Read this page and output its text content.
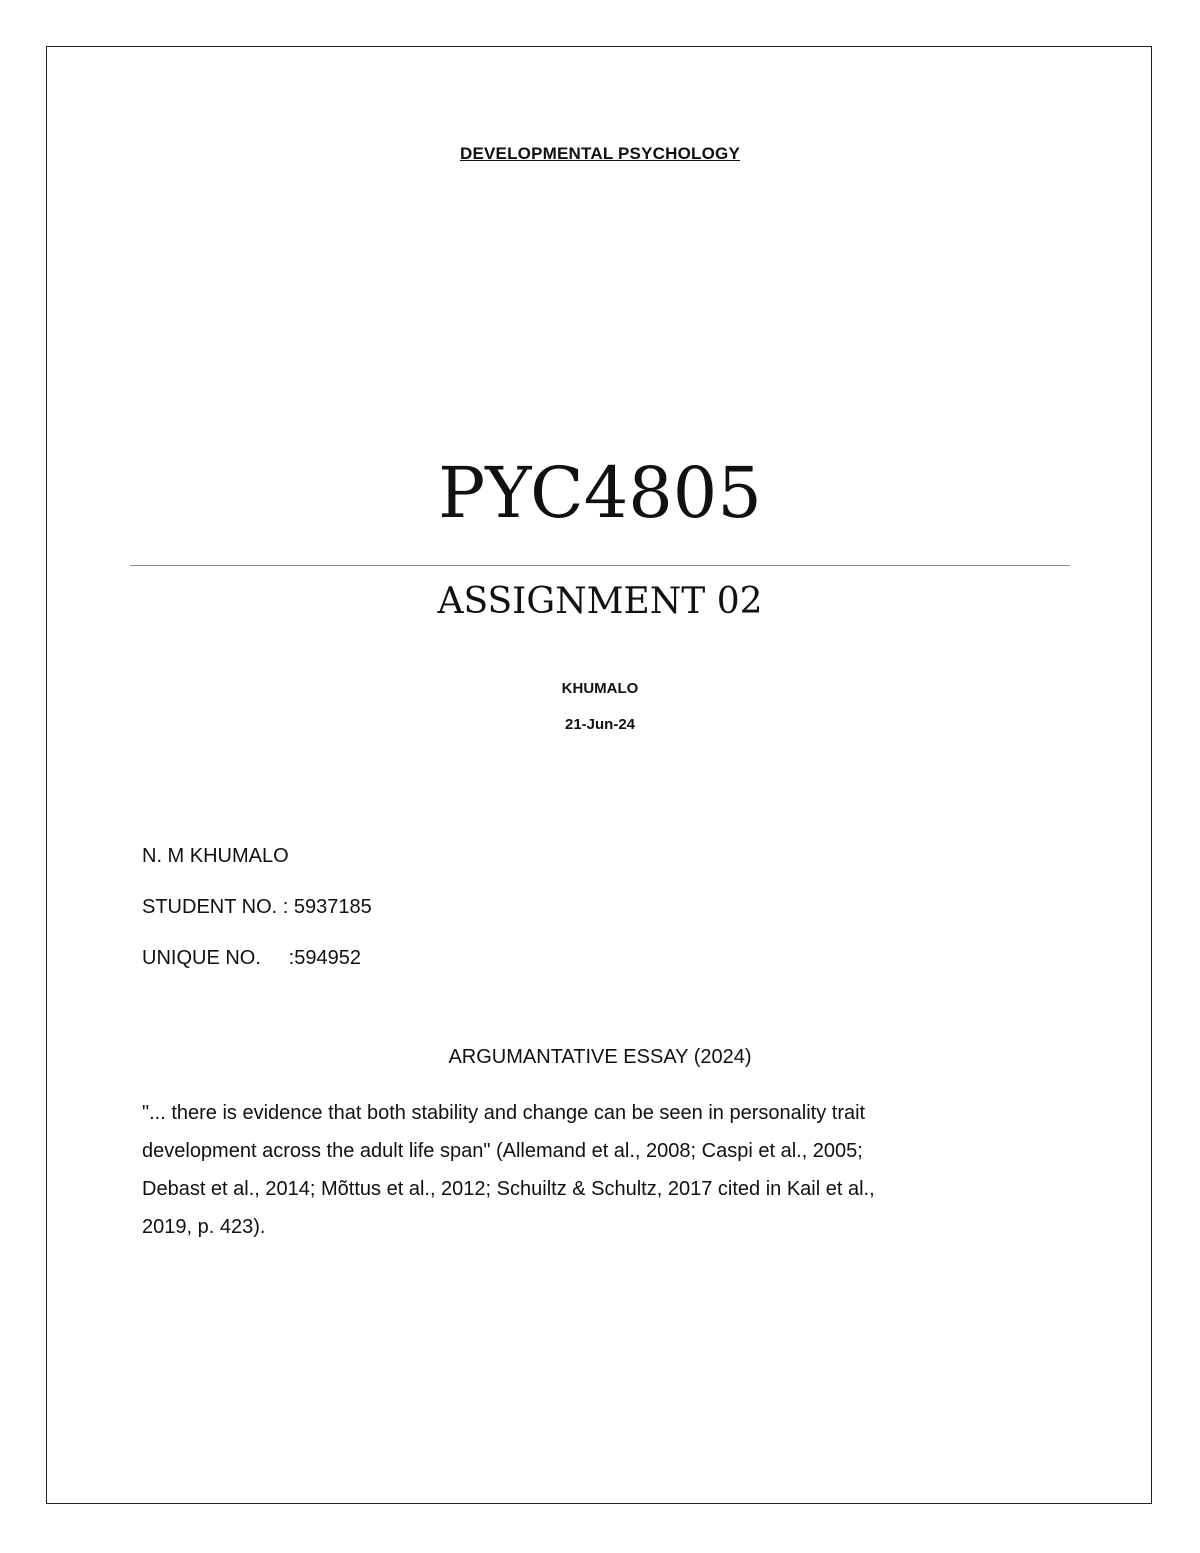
DEVELOPMENTAL PSYCHOLOGY
PYC4805
ASSIGNMENT 02
KHUMALO
21-Jun-24
N. M KHUMALO
STUDENT NO. : 5937185
UNIQUE NO.     :594952
ARGUMANTATIVE ESSAY (2024)
"... there is evidence that both stability and change can be seen in personality trait
development across the adult life span" (Allemand et al., 2008; Caspi et al., 2005;
Debast et al., 2014; Mõttus et al., 2012; Schuiltz & Schultz, 2017 cited in Kail et al.,
2019, p. 423).
